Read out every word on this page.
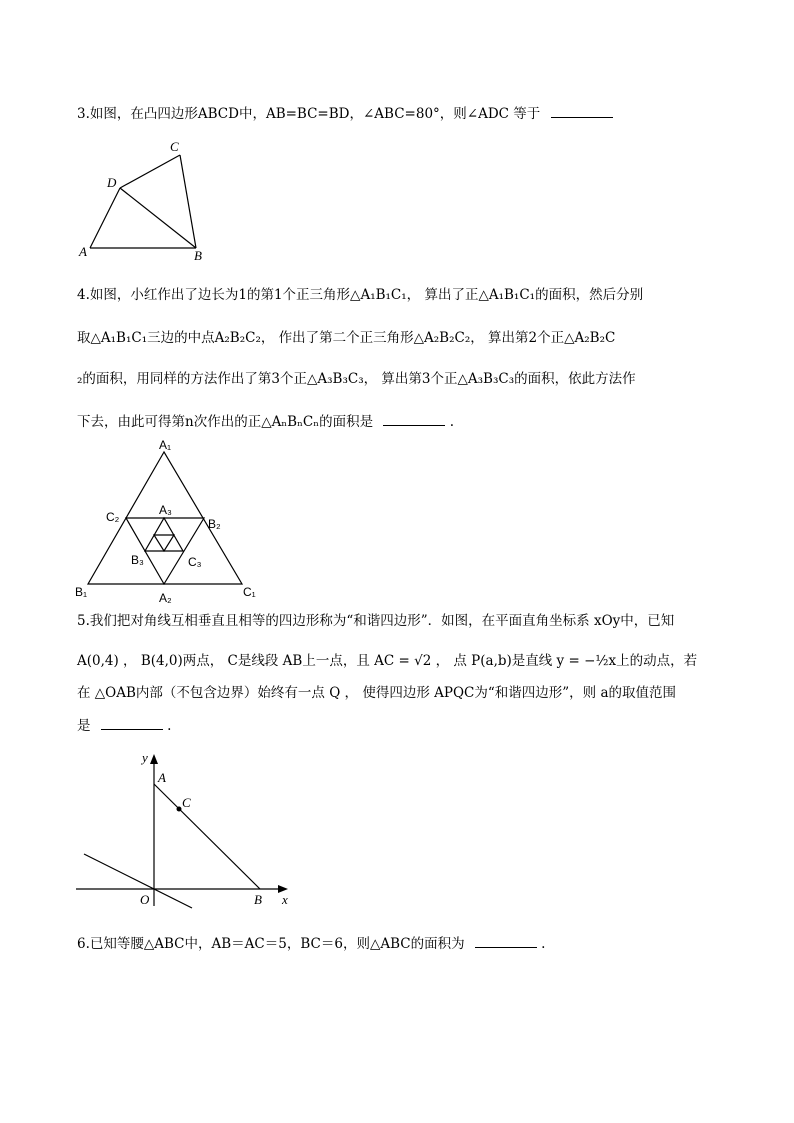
3.如图，在凸四边形ABCD中，AB=BC=BD，∠ABC=80°，则∠ADC 等于
A	B
C
D
4.如图，小红作出了边长为1的第1个正三角形△A₁B₁C₁， 算出了正△A₁B₁C₁的面积，然后分别
取△A₁B₁C₁三边的中点A₂B₂C₂， 作出了第二个正三角形△A₂B₂C₂， 算出第2个正△A₂B₂C
₂的面积，用同样的方法作出了第3个正△A₃B₃C₃， 算出第3个正△A₃B₃C₃的面积，依此方法作
下去，由此可得第n次作出的正△AₙBₙCₙ的面积是	.
A₁
B₁	C₁
A₂
B₂
C₂	A₃
B₃	C₃
5.我们把对角线互相垂直且相等的四边形称为“和谐四边形”．如图，在平面直角坐标系 xOy中，已知
A(0,4) ， B(4,0)两点， C是线段 AB上一点，且 AC = √2 ， 点 P(a,b)是直线 y = −½x上的动点，若
在 △OAB内部（不包含边界）始终有一点 Q ， 使得四边形 APQC为“和谐四边形”，则 a的取值范围
是	.
y
A
C
O	B x
6.已知等腰△ABC中，AB＝AC＝5，BC＝6，则△ABC的面积为	.
